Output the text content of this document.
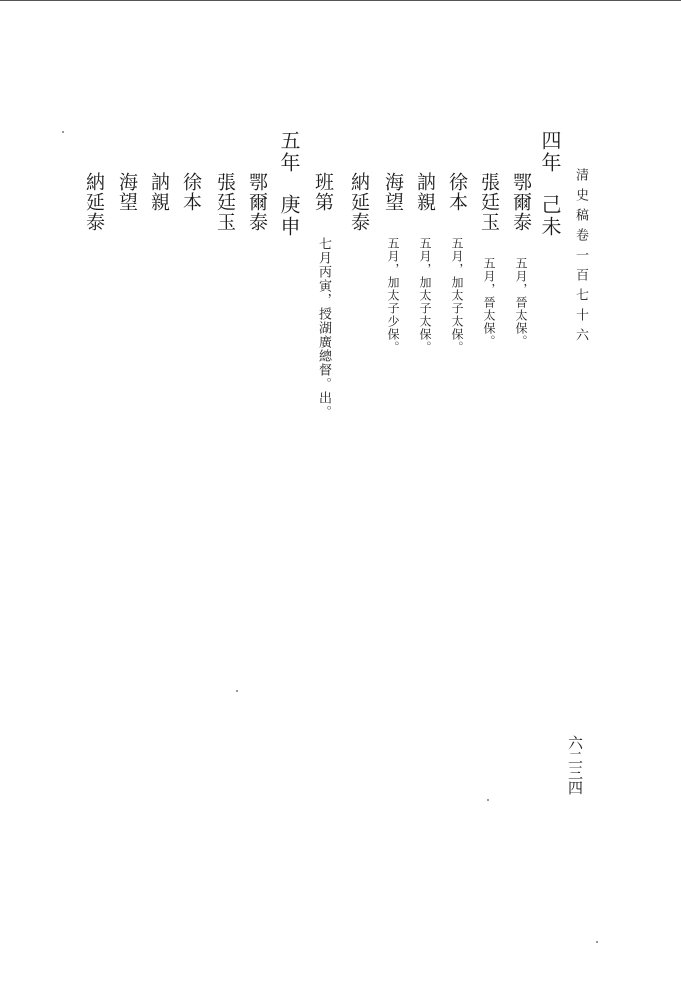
清史稿卷一百七十六
四年己未
鄂爾泰 五月，晉太保。
張廷玉 五月，晉太保。
徐本 五月，加太子太保。
訥親 五月，加太子太保。
海望 五月，加太子少保。
納延泰
班第 七月丙寅，授湖廣總督。出。
五年庚申
鄂爾泰
張廷玉
徐本
訥親
海望
納延泰
六二三四
